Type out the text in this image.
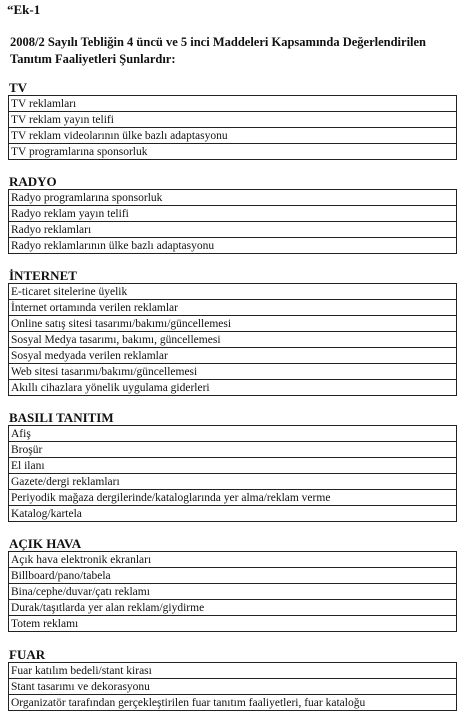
“Ek-1
2008/2 Sayılı Tebliğin 4 üncü ve 5 inci Maddeleri Kapsamında Değerlendirilen Tanıtım Faaliyetleri Şunlardır:
TV
TV reklamları
TV reklam yayın telifi
TV reklam videolarının ülke bazlı adaptasyonu
TV programlarına sponsorluk
RADYO
Radyo programlarına sponsorluk
Radyo reklam yayın telifi
Radyo reklamları
Radyo reklamlarının ülke bazlı adaptasyonu
İNTERNET
E-ticaret sitelerine üyelik
İnternet ortamında verilen reklamlar
Online satış sitesi tasarımı/bakımı/güncellemesi
Sosyal Medya tasarımı, bakımı, güncellemesi
Sosyal medyada verilen reklamlar
Web sitesi tasarımı/bakımı/güncellemesi
Akıllı cihazlara yönelik uygulama giderleri
BASILI TANITIM
Afiş
Broşür
El ilanı
Gazete/dergi reklamları
Periyodik mağaza dergilerinde/kataloglarında yer alma/reklam verme
Katalog/kartela
AÇIK HAVA
Açık hava elektronik ekranları
Billboard/pano/tabela
Bina/cephe/duvar/çatı reklamı
Durak/taşıtlarda yer alan reklam/giydirme
Totem reklamı
FUAR
Fuar katılım bedeli/stant kirası
Stant tasarımı ve dekorasyonu
Organizatör tarafından gerçekleştirilen fuar tanıtım faaliyetleri, fuar kataloğu
